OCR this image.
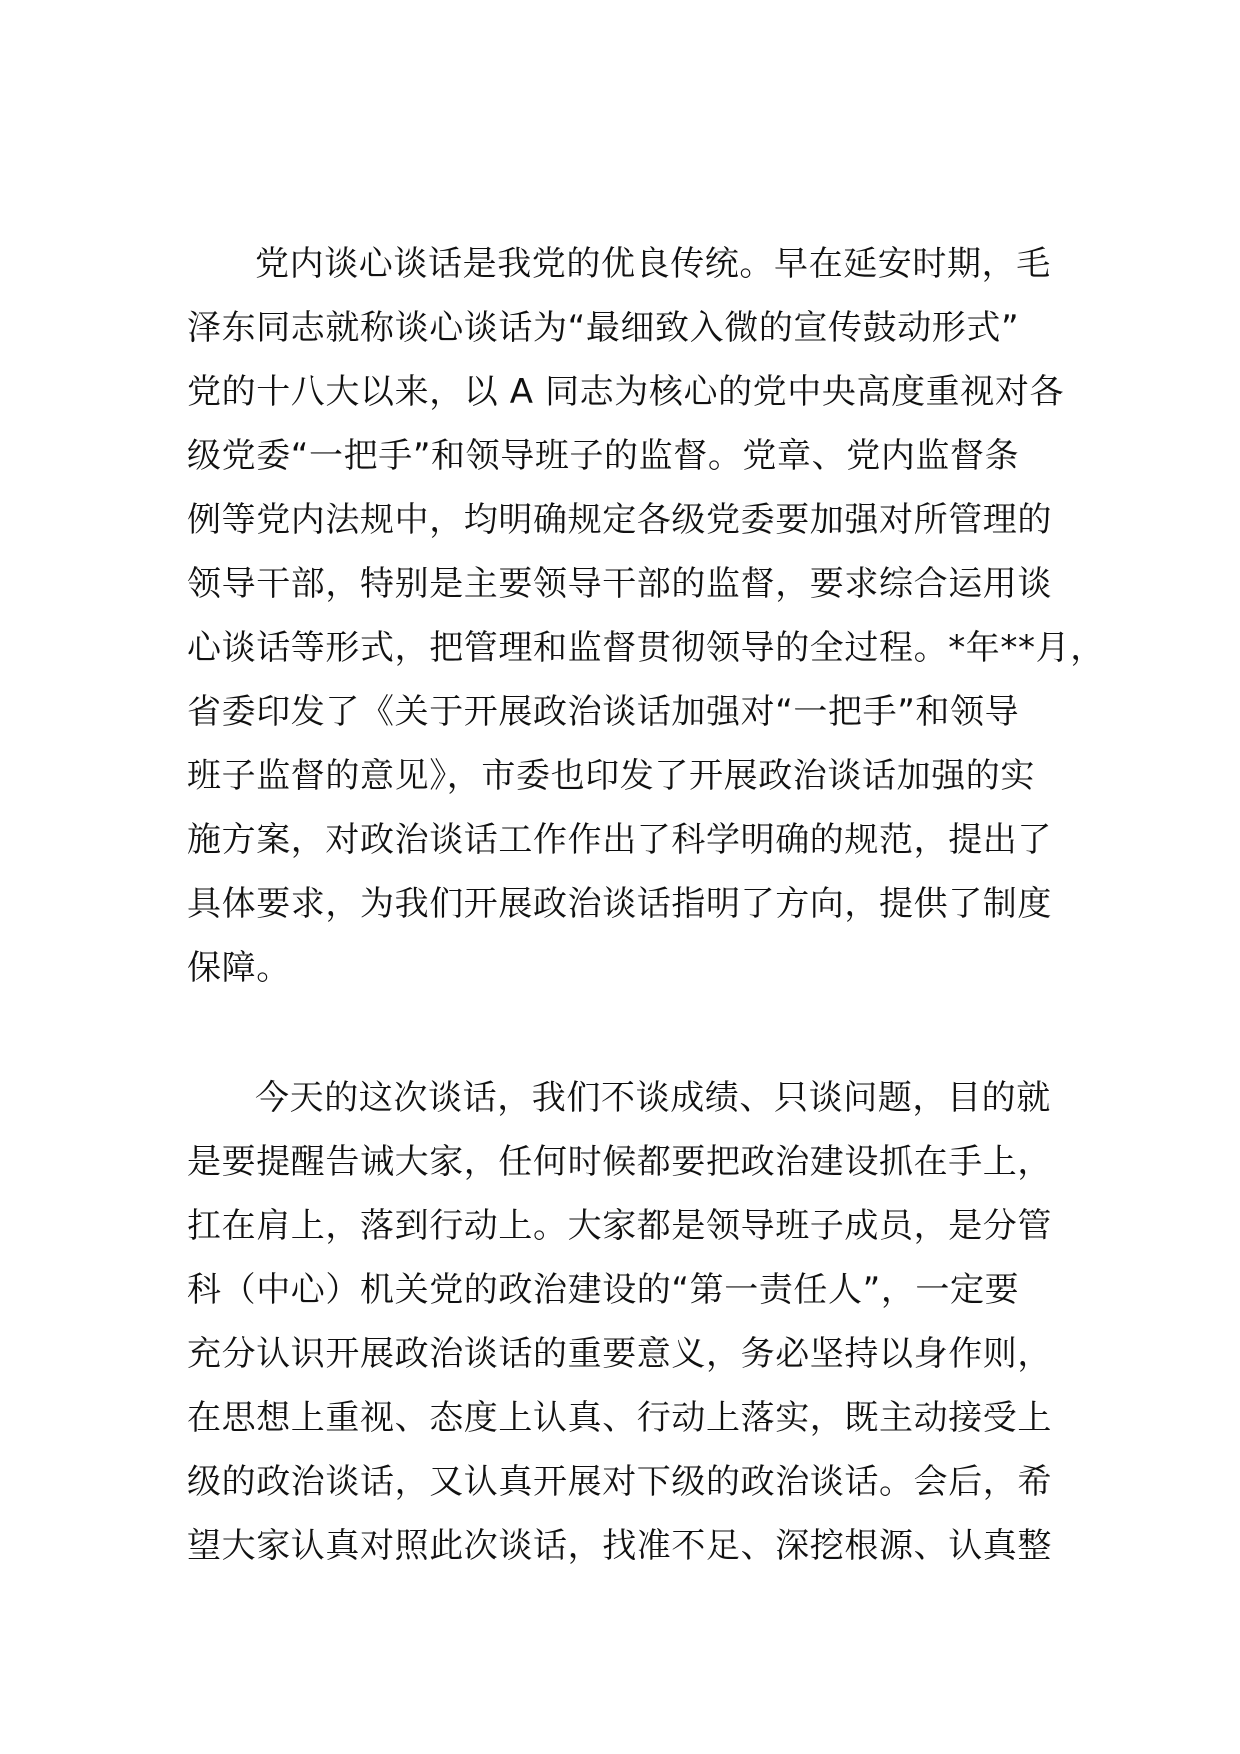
党内谈心谈话是我党的优良传统。早在延安时期，毛
泽东同志就称谈心谈话为“最细致入微的宣传鼓动形式”
党的十八大以来，以 A 同志为核心的党中央高度重视对各
级党委“一把手”和领导班子的监督。党章、党内监督条
例等党内法规中，均明确规定各级党委要加强对所管理的
领导干部，特别是主要领导干部的监督，要求综合运用谈
心谈话等形式，把管理和监督贯彻领导的全过程。*年**月，
省委印发了《关于开展政治谈话加强对“一把手”和领导
班子监督的意见》，市委也印发了开展政治谈话加强的实
施方案，对政治谈话工作作出了科学明确的规范，提出了
具体要求，为我们开展政治谈话指明了方向，提供了制度
保障。
今天的这次谈话，我们不谈成绩、只谈问题，目的就
是要提醒告诫大家，任何时候都要把政治建设抓在手上，
扛在肩上，落到行动上。大家都是领导班子成员，是分管
科（中心）机关党的政治建设的“第一责任人”，一定要
充分认识开展政治谈话的重要意义，务必坚持以身作则，
在思想上重视、态度上认真、行动上落实，既主动接受上
级的政治谈话，又认真开展对下级的政治谈话。会后，希
望大家认真对照此次谈话，找准不足、深挖根源、认真整
